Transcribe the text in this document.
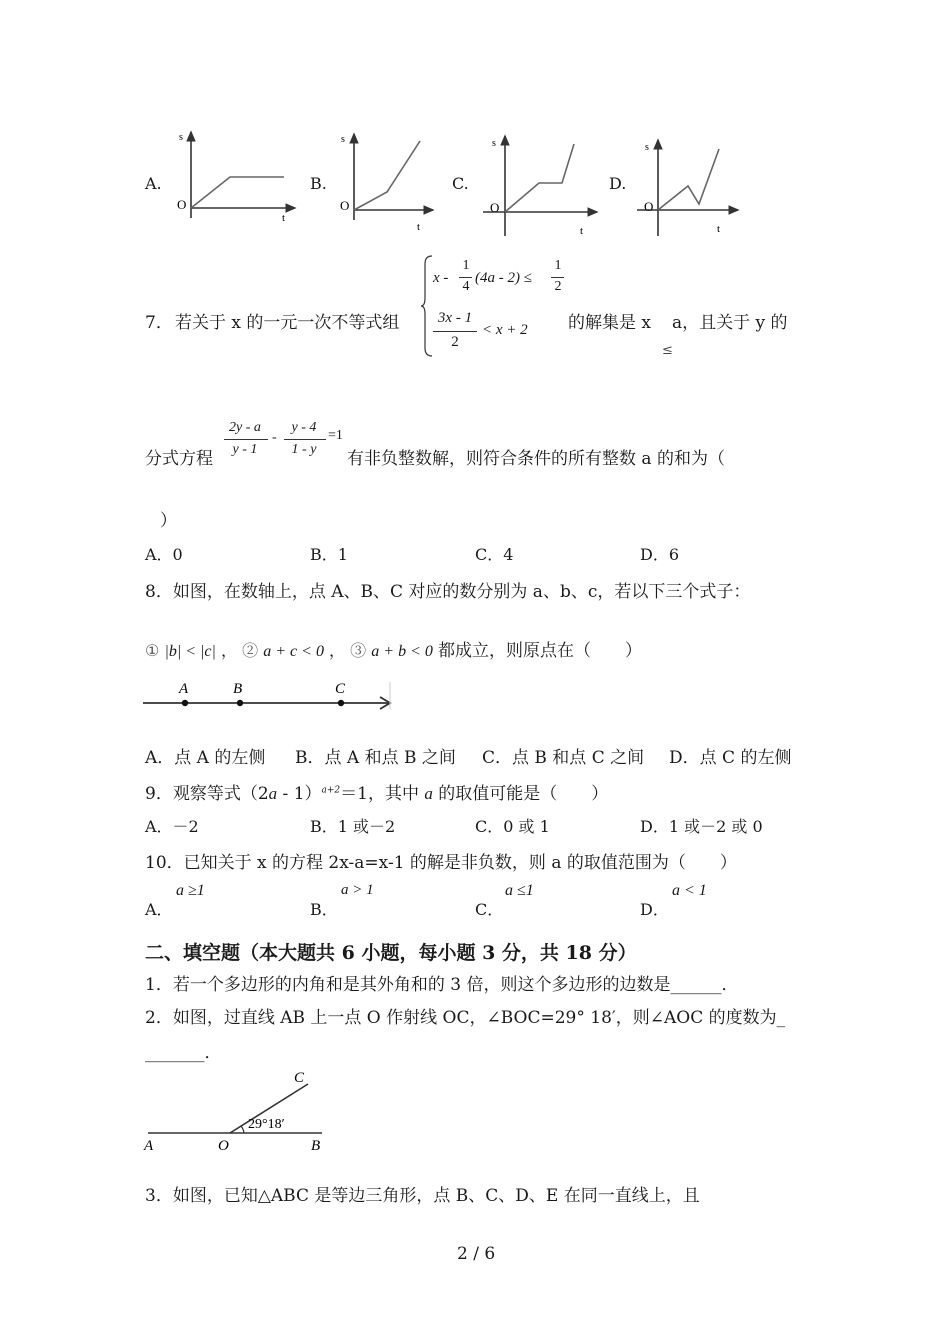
A.	B.	C.	D.
s
t
O
s
t
O
s
t
O
s
t
O
7． 若关于 x 的一元一次不等式组
x -
1
4
(4a - 2) ≤
1
2
3x - 1
2
< x + 2 的解集是 x a，且关于 y 的
≤
分式方程
2y - a
y - 1
-
y - 4
1 - y
=1
有非负整数解，则符合条件的所有整数 a 的和为（
）
A．0	B．1	C．4	D．6
8．如图，在数轴上，点 A、B、C 对应的数分别为 a、b、c，若以下三个式子：
① |b| < |c| ， ② a + c < 0 ， ③ a + b < 0 都成立，则原点在（　　）
A	B	C
A．点 A 的左侧 B．点 A 和点 B 之间 C．点 B 和点 C 之间 D．点 C 的左侧
9．观察等式（2a - 1）$^{a+2}$＝1，其中 a 的取值可能是（　　）
A．－2	B．1 或－2	C．0 或 1	D．1 或－2 或 0
10．已知关于 x 的方程 2x-a=x-1 的解是非负数，则 a 的取值范围为（　　）
A．
a ≥1
B．
a > 1
C．
a ≤1
D．
a < 1
二、填空题（本大题共 6 小题，每小题 3 分，共 18 分）
1．若一个多边形的内角和是其外角和的 3 倍，则这个多边形的边数是______．
2．如图，过直线 AB 上一点 O 作射线 OC，∠BOC=29° 18′，则∠AOC 的度数为_
_______．
A	O	B
C
29°18′
3．如图，已知△ABC 是等边三角形，点 B、C、D、E 在同一直线上，且
2 / 6
